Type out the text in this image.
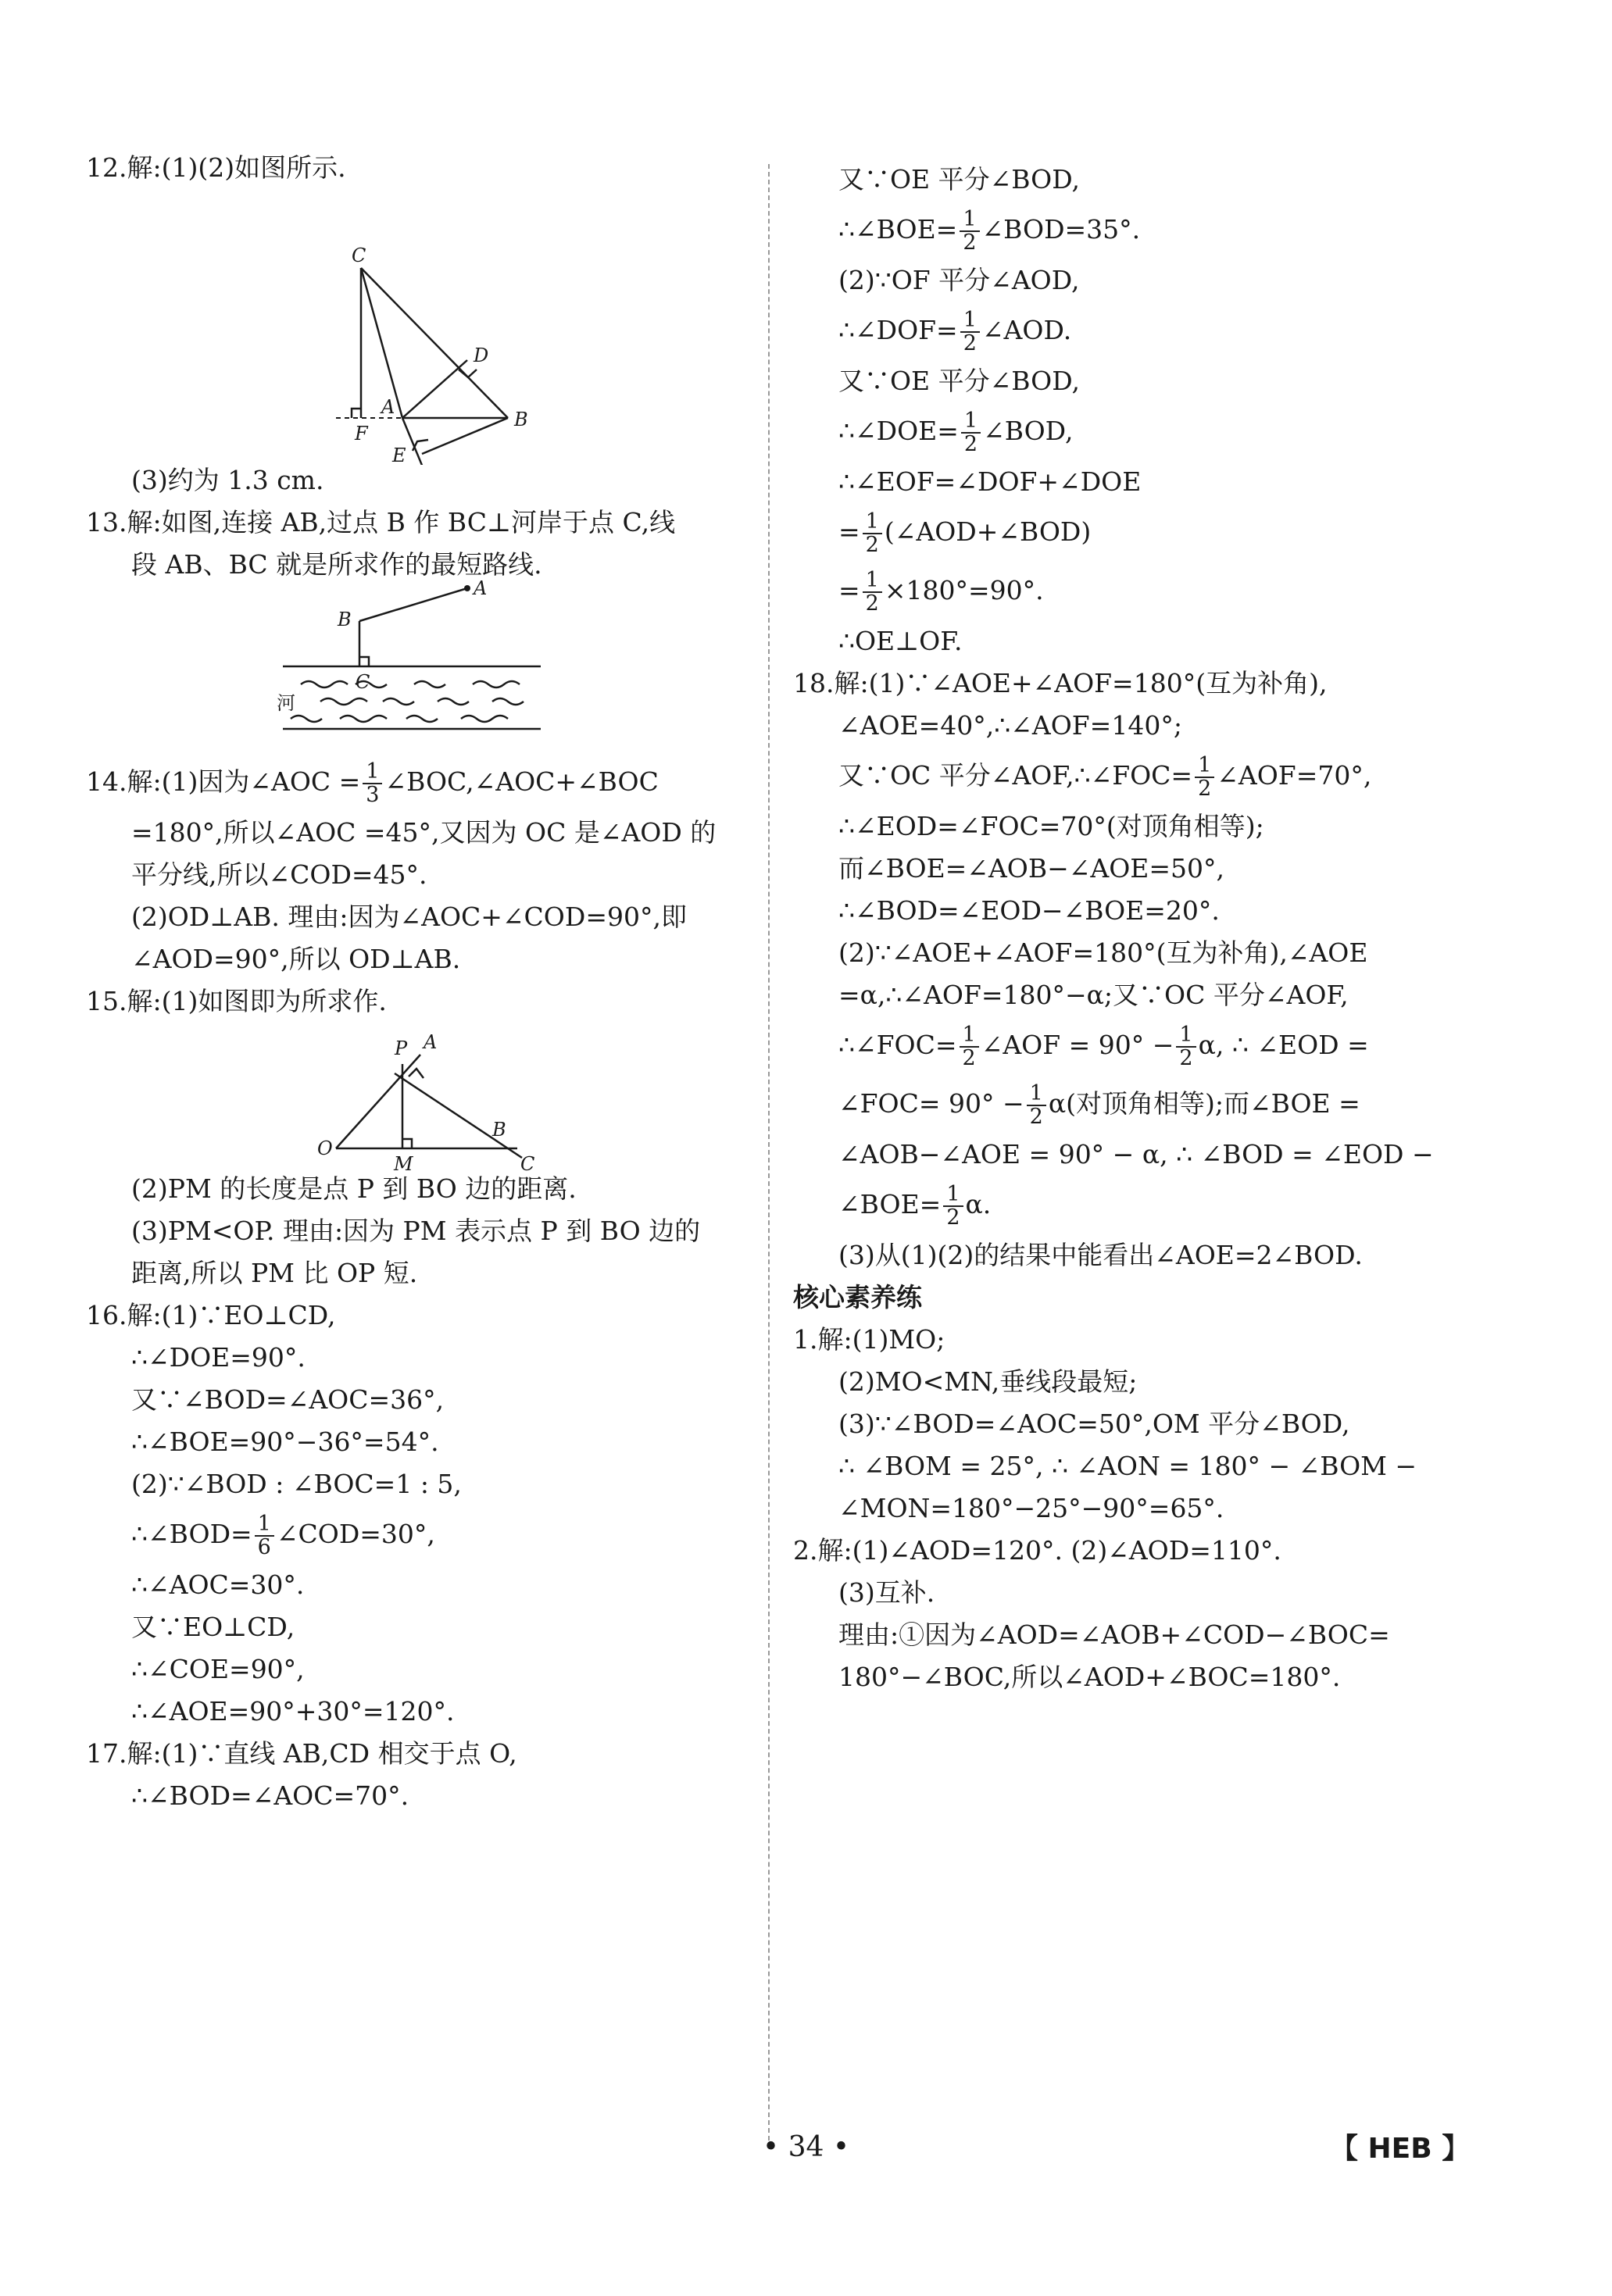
12.解:(1)(2)如图所示.

C
D
A
B
F
E

(3)约为 1.3 cm.

13.解:如图,连接 AB,过点 B 作 BC⊥河岸于点 C,线

段 AB、BC 就是所求作的最短路线.

A
B
C
河

14.解:(1)因为∠AOC = $\frac{1}{3}$ ∠BOC,∠AOC+∠BOC

=180°,所以∠AOC =45°,又因为 OC 是∠AOD 的

平分线,所以∠COD=45°.

(2)OD⊥AB. 理由:因为∠AOC+∠COD=90°,即

∠AOD=90°,所以 OD⊥AB.

15.解:(1)如图即为所求作.

P A
B
O
M	C

(2)PM 的长度是点 P 到 BO 边的距离.

(3)PM<OP. 理由:因为 PM 表示点 P 到 BO 边的

距离,所以 PM 比 OP 短.

16.解:(1)∵EO⊥CD,

∴∠DOE=90°.

又∵∠BOD=∠AOC=36°,

∴∠BOE=90°−36°=54°.

(2)∵∠BOD : ∠BOC=1 : 5,

∴∠BOD= $\frac{1}{6}$ ∠COD=30°,

∴∠AOC=30°.

又∵EO⊥CD,

∴∠COE=90°,

∴∠AOE=90°+30°=120°.

17.解:(1)∵直线 AB,CD 相交于点 O,

∴∠BOD=∠AOC=70°.

又∵OE 平分∠BOD,

∴∠BOE= $\frac{1}{2}$ ∠BOD=35°.

(2)∵OF 平分∠AOD,

∴∠DOF= $\frac{1}{2}$ ∠AOD.

又∵OE 平分∠BOD,

∴∠DOE= $\frac{1}{2}$ ∠BOD,

∴∠EOF=∠DOF+∠DOE

= $\frac{1}{2}$ (∠AOD+∠BOD)

= $\frac{1}{2} \times 180^\circ=90^\circ$.

∴OE⊥OF.

18.解:(1)∵∠AOE+∠AOF=180°(互为补角),

∠AOE=40°,∴∠AOF=140°;

又∵OC 平分∠AOF,∴∠FOC= $\frac{1}{2}$ ∠AOF=70°,

∴∠EOD=∠FOC=70°(对顶角相等);

而∠BOE=∠AOB−∠AOE=50°,

∴∠BOD=∠EOD−∠BOE=20°.

(2)∵∠AOE+∠AOF=180°(互为补角),∠AOE

=α,∴∠AOF=180°−α;又∵OC 平分∠AOF,

∴∠FOC= $\frac{1}{2}$ ∠AOF = $90^\circ - \frac{1}{2} \alpha$, ∴ ∠EOD =

∠FOC= $90^\circ - \frac{1}{2} \alpha$(对顶角相等);而∠BOE =

∠AOB−∠AOE = 90° − α, ∴ ∠BOD = ∠EOD −

∠BOE= $\frac{1}{2} \alpha$.

(3)从(1)(2)的结果中能看出∠AOE=2∠BOD.

核心素养练

1.解:(1)MO;

(2)MO<MN,垂线段最短;

(3)∵∠BOD=∠AOC=50°,OM 平分∠BOD,

∴ ∠BOM = 25°, ∴ ∠AON = 180° − ∠BOM −

∠MON=180°−25°−90°=65°.

2.解:(1)∠AOD=120°. (2)∠AOD=110°.

(3)互补.

理由:①因为∠AOD=∠AOB+∠COD−∠BOC=

180°−∠BOC,所以∠AOD+∠BOC=180°.

• 34 •	【 HEB 】
